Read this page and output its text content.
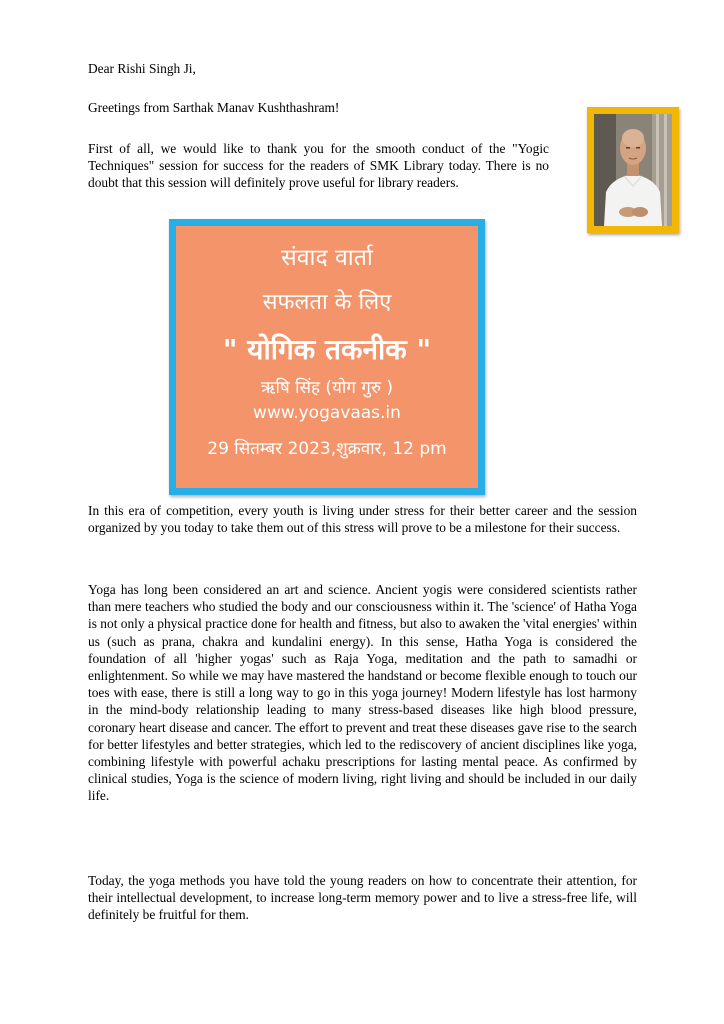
Dear Rishi Singh Ji,

Greetings from Sarthak Manav Kushthashram!

First of all, we would like to thank you for the smooth conduct of the "Yogic Techniques" session for success for the readers of SMK Library today. There is no doubt that this session will definitely prove useful for library readers.

संवाद वार्ता
सफलता के लिए
" योगिक तकनीक "
ऋषि सिंह (योग गुरु )
www.yogavaas.in
29 सितम्बर 2023,शुक्रवार, 12 pm

In this era of competition, every youth is living under stress for their better career and the session organized by you today to take them out of this stress will prove to be a milestone for their success.

Yoga has long been considered an art and science. Ancient yogis were considered scientists rather than mere teachers who studied the body and our consciousness within it. The 'science' of Hatha Yoga is not only a physical practice done for health and fitness, but also to awaken the 'vital energies' within us (such as prana, chakra and kundalini energy). In this sense, Hatha Yoga is considered the foundation of all 'higher yogas' such as Raja Yoga, meditation and the path to samadhi or enlightenment. So while we may have mastered the handstand or become flexible enough to touch our toes with ease, there is still a long way to go in this yoga journey! Modern lifestyle has lost harmony in the mind-body relationship leading to many stress-based diseases like high blood pressure, coronary heart disease and cancer. The effort to prevent and treat these diseases gave rise to the search for better lifestyles and better strategies, which led to the rediscovery of ancient disciplines like yoga, combining lifestyle with powerful achaku prescriptions for lasting mental peace. As confirmed by clinical studies, Yoga is the science of modern living, right living and should be included in our daily life.

Today, the yoga methods you have told the young readers on how to concentrate their attention, for their intellectual development, to increase long-term memory power and to live a stress-free life, will definitely be fruitful for them.
